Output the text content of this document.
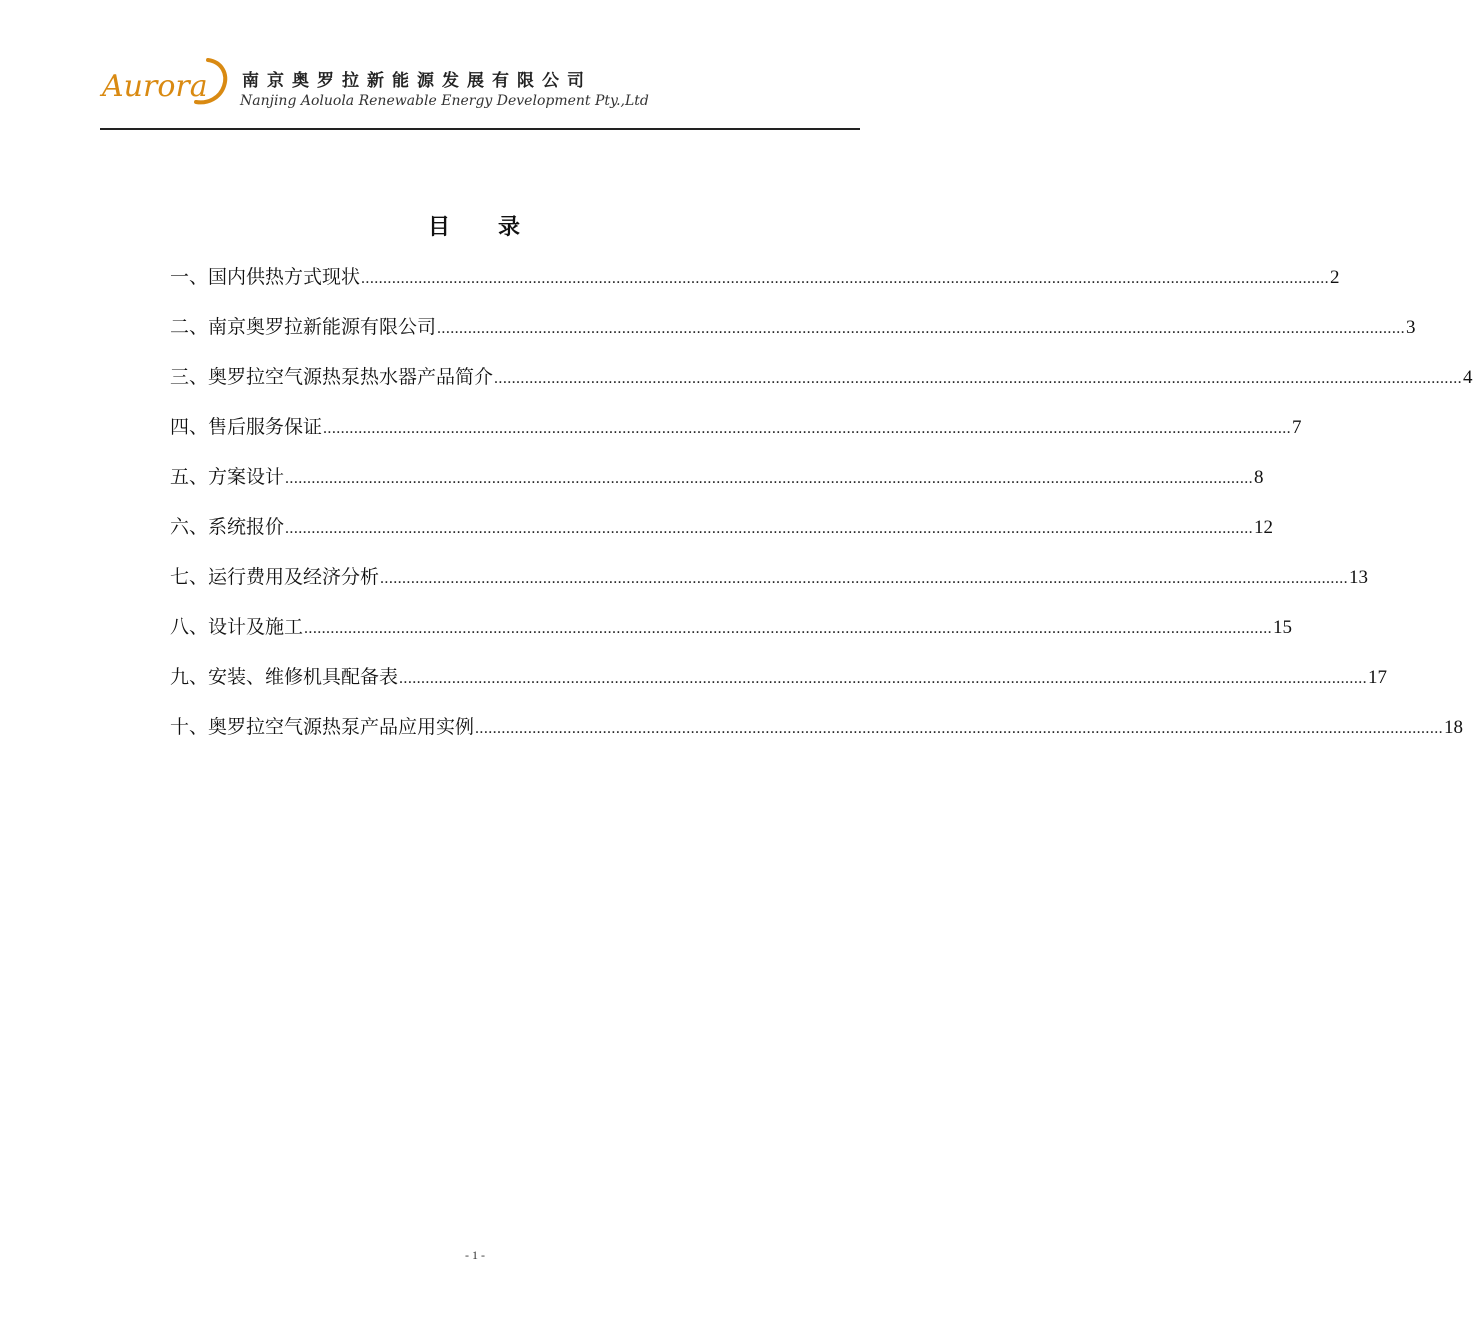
Aurora 南京奥罗拉新能源发展有限公司
Nanjing Aoluola Renewable Energy Development Pty.,Ltd
目 录
一、国内供热方式现状 ............................................................................................................................................................................................................................ 2
二、南京奥罗拉新能源有限公司 ............................................................................................................................................................................................................................ 3
三、奥罗拉空气源热泵热水器产品简介 ............................................................................................................................................................................................................................ 4
四、售后服务保证 ............................................................................................................................................................................................................................ 7
五、方案设计 ............................................................................................................................................................................................................................ 8
六、系统报价 ............................................................................................................................................................................................................................ 12
七、运行费用及经济分析 ............................................................................................................................................................................................................................ 13
八、设计及施工 ............................................................................................................................................................................................................................ 15
九、安装、维修机具配备表 ............................................................................................................................................................................................................................ 17
十、奥罗拉空气源热泵产品应用实例 ............................................................................................................................................................................................................................ 18
- 1 -
